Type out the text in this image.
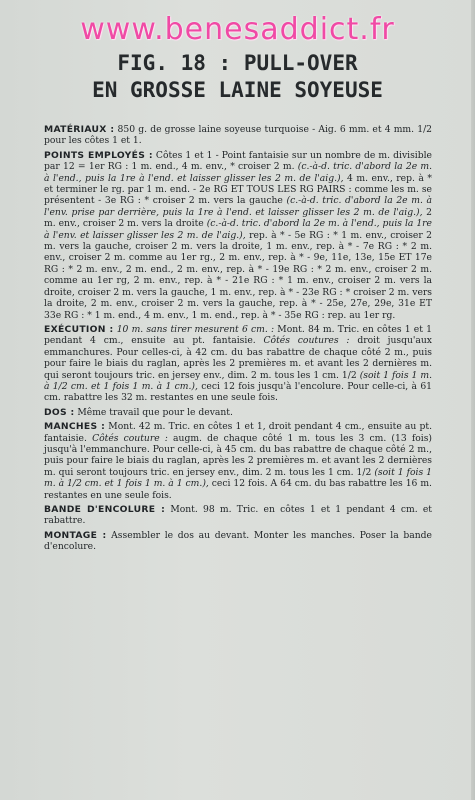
www.benesaddict.fr
FIG. 18 : PULL-OVER
EN GROSSE LAINE SOYEUSE

MATÉRIAUX : 850 g. de grosse laine soyeuse turquoise - Aig. 6 mm. et 4 mm. 1/2 pour les côtes 1 et 1.

POINTS EMPLOYÉS : Côtes 1 et 1 - Point fantaisie sur un nombre de m. divisible par 12 = 1er RG : 1 m. end., 4 m. env., * croiser 2 m. (c.-à-d. tric. d'abord la 2e m. à l'end., puis la 1re à l'end. et laisser glisser les 2 m. de l'aig.), 4 m. env., rep. à * et terminer le rg. par 1 m. end. - 2e RG ET TOUS LES RG PAIRS : comme les m. se présentent - 3e RG : * croiser 2 m. vers la gauche (c.-à-d. tric. d'abord la 2e m. à l'env. prise par derrière, puis la 1re à l'end. et laisser glisser les 2 m. de l'aig.), 2 m. env., croiser 2 m. vers la droite (c.-à-d. tric. d'abord la 2e m. à l'end., puis la 1re à l'env. et laisser glisser les 2 m. de l'aig.), rep. à * - 5e RG : * 1 m. env., croiser 2 m. vers la gauche, croiser 2 m. vers la droite, 1 m. env., rep. à * - 7e RG : * 2 m. env., croiser 2 m. comme au 1er rg., 2 m. env., rep. à * - 9e, 11e, 13e, 15e ET 17e RG : * 2 m. env., 2 m. end., 2 m. env., rep. à * - 19e RG : * 2 m. env., croiser 2 m. comme au 1er rg, 2 m. env., rep. à * - 21e RG : * 1 m. env., croiser 2 m. vers la droite, croiser 2 m. vers la gauche, 1 m. env., rep. à * - 23e RG : * croiser 2 m. vers la droite, 2 m. env., croiser 2 m. vers la gauche, rep. à * - 25e, 27e, 29e, 31e ET 33e RG : * 1 m. end., 4 m. env., 1 m. end., rep. à * - 35e RG : rep. au 1er rg.

EXÉCUTION : 10 m. sans tirer mesurent 6 cm. : Mont. 84 m. Tric. en côtes 1 et 1 pendant 4 cm., ensuite au pt. fantaisie. Côtés coutures : droit jusqu'aux emmanchures. Pour celles-ci, à 42 cm. du bas rabattre de chaque côté 2 m., puis pour faire le biais du raglan, après les 2 premières m. et avant les 2 dernières m. qui seront toujours tric. en jersey env., dim. 2 m. tous les 1 cm. 1/2 (soit 1 fois 1 m. à 1/2 cm. et 1 fois 1 m. à 1 cm.), ceci 12 fois jusqu'à l'encolure. Pour celle-ci, à 61 cm. rabattre les 32 m. restantes en une seule fois.

DOS : Même travail que pour le devant.

MANCHES : Mont. 42 m. Tric. en côtes 1 et 1, droit pendant 4 cm., ensuite au pt. fantaisie. Côtés couture : augm. de chaque côté 1 m. tous les 3 cm. (13 fois) jusqu'à l'emmanchure. Pour celle-ci, à 45 cm. du bas rabattre de chaque côté 2 m., puis pour faire le biais du raglan, après les 2 premières m. et avant les 2 dernières m. qui seront toujours tric. en jersey env., dim. 2 m. tous les 1 cm. 1/2 (soit 1 fois 1 m. à 1/2 cm. et 1 fois 1 m. à 1 cm.), ceci 12 fois. A 64 cm. du bas rabattre les 16 m. restantes en une seule fois.

BANDE D'ENCOLURE : Mont. 98 m. Tric. en côtes 1 et 1 pendant 4 cm. et rabattre.

MONTAGE : Assembler le dos au devant. Monter les manches. Poser la bande d'encolure.
